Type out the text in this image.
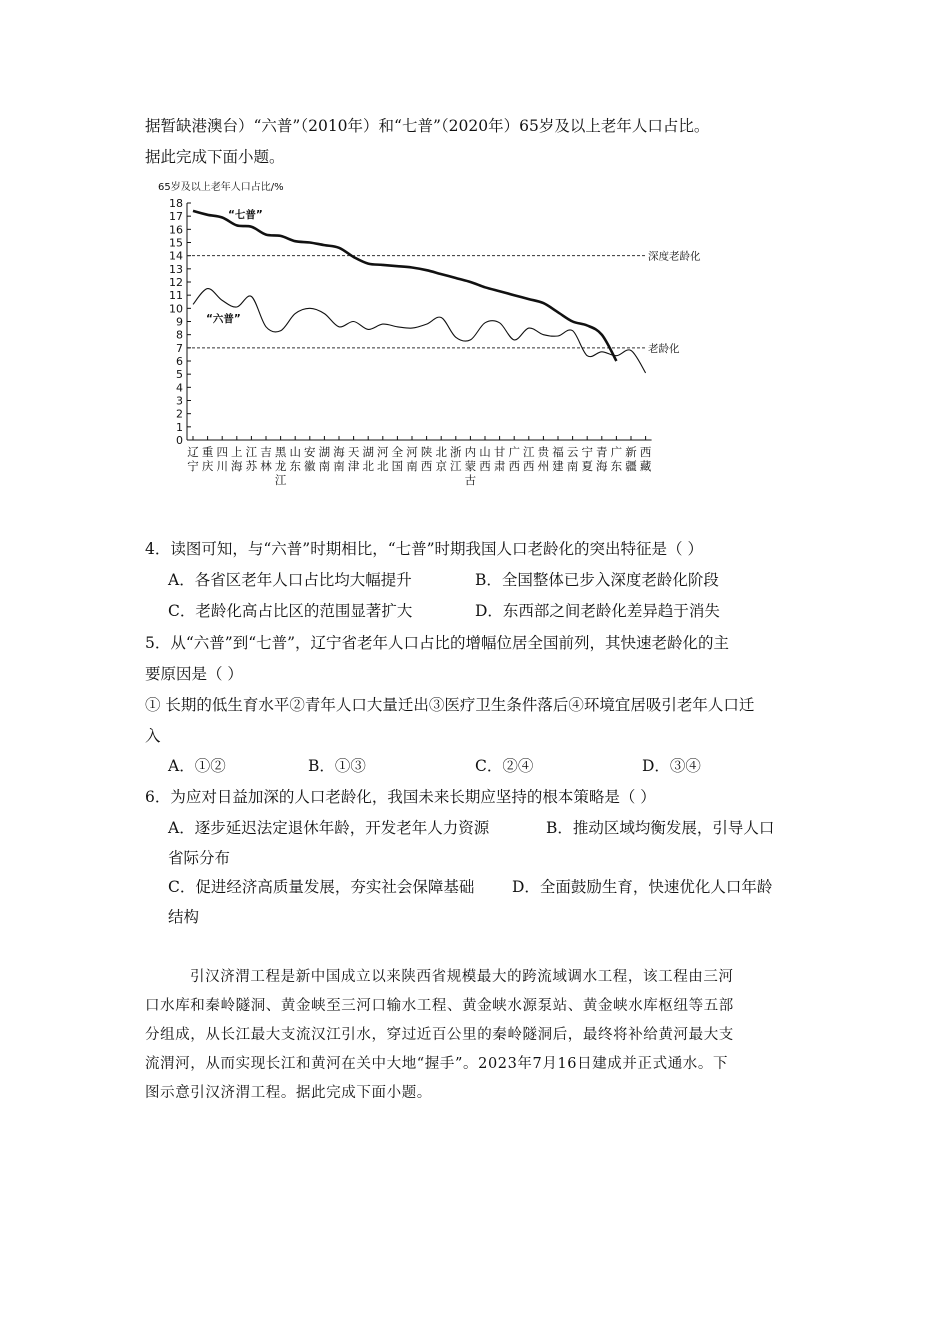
据暂缺港澳台）“六普”（2010年）和“七普”（2020年）65岁及以上老年人口占比。
据此完成下面小题。
65岁及以上老年人口占比/%
0
1
2
3
4
5
6
7
8
9
10
11
12
13
14
15
16
17
18
辽宁
重庆
四川
上海
江苏
吉林
黑龙江
山东
安徽
湖南
海南
天津
湖北
河北
全国
河南
陕西
北京
浙江
内蒙古
山西
甘肃
广西
江西
贵州
福建
云南
宁夏
青海
广东
新疆
西藏
深度老龄化
老龄化
“七普”
“六普”
4．读图可知，与“六普”时期相比，“七普”时期我国人口老龄化的突出特征是（ ）
A．各省区老年人口占比均大幅提升	B．全国整体已步入深度老龄化阶段
C．老龄化高占比区的范围显著扩大	D．东西部之间老龄化差异趋于消失
5．从“六普”到“七普”，辽宁省老年人口占比的增幅位居全国前列，其快速老龄化的主
要原因是（ ）
① 长期的低生育水平②青年人口大量迁出③医疗卫生条件落后④环境宜居吸引老年人口迁
入
A．①②	B．①③	C．②④	D．③④
6．为应对日益加深的人口老龄化，我国未来长期应坚持的根本策略是（ ）
A．逐步延迟法定退休年龄，开发老年人力资源	B．推动区域均衡发展，引导人口
省际分布
C．促进经济高质量发展，夯实社会保障基础 D．全面鼓励生育，快速优化人口年龄
结构
引汉济渭工程是新中国成立以来陕西省规模最大的跨流域调水工程，该工程由三河
口水库和秦岭隧洞、黄金峡至三河口输水工程、黄金峡水源泵站、黄金峡水库枢纽等五部
分组成，从长江最大支流汉江引水，穿过近百公里的秦岭隧洞后，最终将补给黄河最大支
流渭河，从而实现长江和黄河在关中大地“握手”。2023年7月16日建成并正式通水。下
图示意引汉济渭工程。据此完成下面小题。
